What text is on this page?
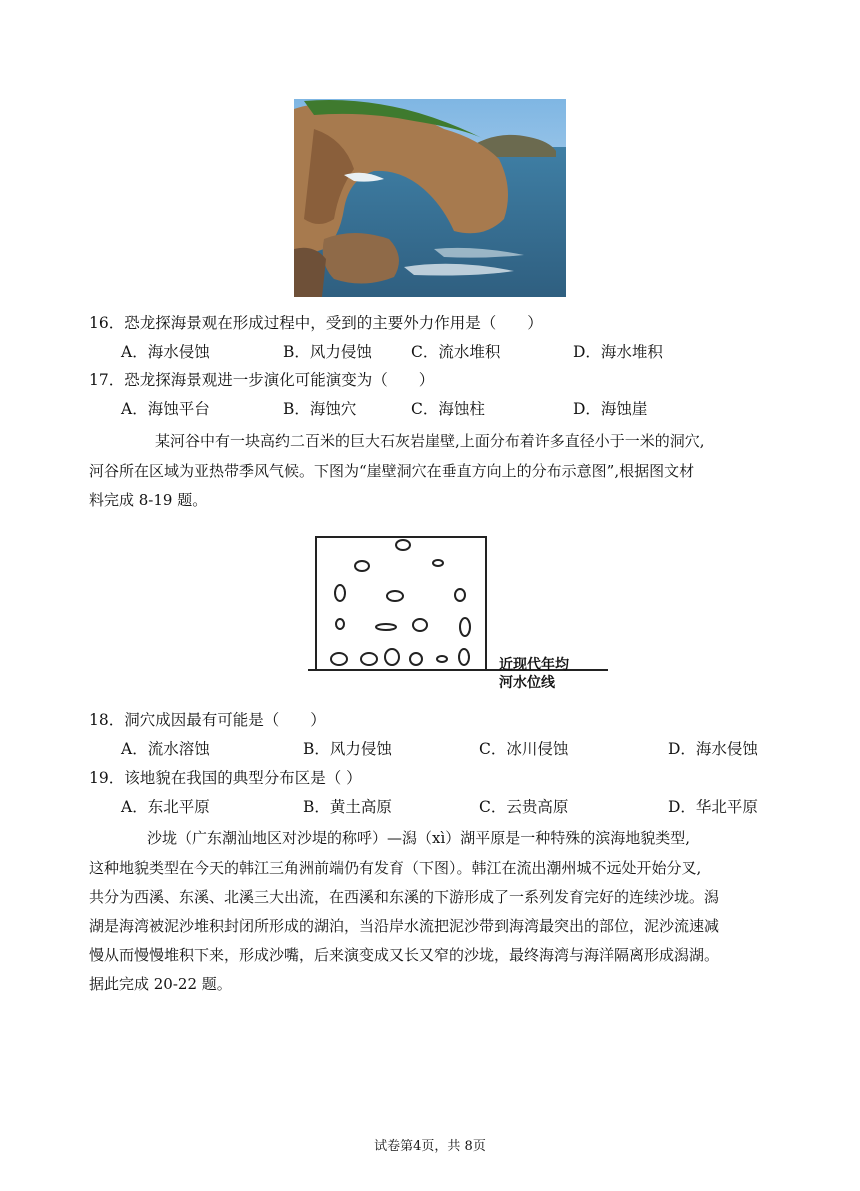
16．恐龙探海景观在形成过程中，受到的主要外力作用是（　　）
A．海水侵蚀	B．风力侵蚀	C．流水堆积	D．海水堆积
17．恐龙探海景观进一步演化可能演变为（　　）
A．海蚀平台	B．海蚀穴	C．海蚀柱	D．海蚀崖
某河谷中有一块高约二百米的巨大石灰岩崖壁,上面分布着许多直径小于一米的洞穴,
河谷所在区域为亚热带季风气候。下图为“崖壁洞穴在垂直方向上的分布示意图”,根据图文材
料完成 8-19 题。
近现代年均
河水位线
18．洞穴成因最有可能是（　　）
A．流水溶蚀	B．风力侵蚀	C．冰川侵蚀	D．海水侵蚀
19．该地貌在我国的典型分布区是（ ）
A．东北平原	B．黄土高原	C．云贵高原	D．华北平原
沙垅（广东潮汕地区对沙堤的称呼）—潟（xì）湖平原是一种特殊的滨海地貌类型,
这种地貌类型在今天的韩江三角洲前端仍有发育（下图）。韩江在流出潮州城不远处开始分叉,
共分为西溪、东溪、北溪三大出流，在西溪和东溪的下游形成了一系列发育完好的连续沙垅。潟
湖是海湾被泥沙堆积封闭所形成的湖泊，当沿岸水流把泥沙带到海湾最突出的部位，泥沙流速减
慢从而慢慢堆积下来，形成沙嘴，后来演变成又长又窄的沙垅，最终海湾与海洋隔离形成潟湖。
据此完成 20-22 题。
试卷第4页，共 8页
